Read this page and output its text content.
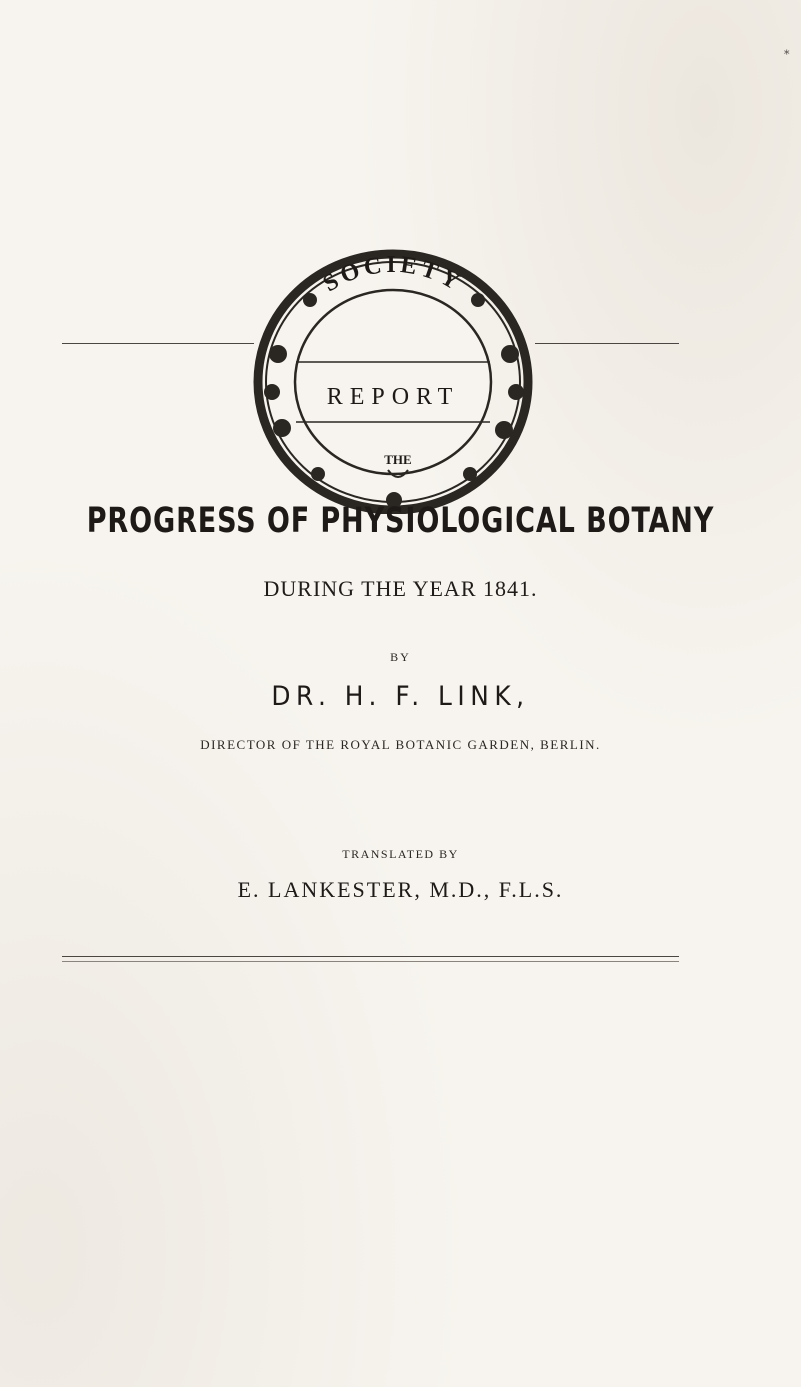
*
SOCIETY
REPORT
THE
PROGRESS OF PHYSIOLOGICAL BOTANY
DURING THE YEAR 1841.
BY
DR. H. F. LINK,
DIRECTOR OF THE ROYAL BOTANIC GARDEN, BERLIN.
TRANSLATED BY
E. LANKESTER, M.D., F.L.S.
